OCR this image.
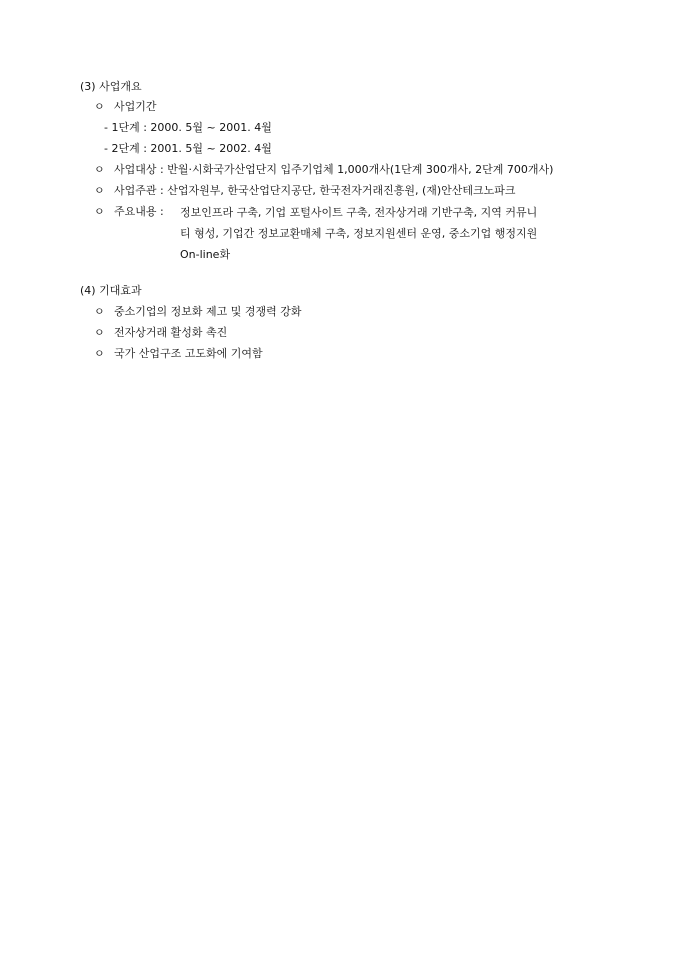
(3) 사업개요
ㅇ 사업기간
- 1단계 : 2000. 5월 ~ 2001. 4월
- 2단계 : 2001. 5월 ~ 2002. 4월
ㅇ 사업대상 : 반월·시화국가산업단지 입주기업체 1,000개사(1단계 300개사, 2단계 700개사)
ㅇ 사업주관 : 산업자원부, 한국산업단지공단, 한국전자거래진흥원, (재)안산테크노파크
ㅇ 주요내용 : 정보인프라 구축, 기업 포털사이트 구축, 전자상거래 기반구축, 지역 커뮤니
티 형성, 기업간 정보교환매체 구축, 정보지원센터 운영, 중소기업 행정지원
On-line화
(4) 기대효과
ㅇ 중소기업의 정보화 제고 및 경쟁력 강화
ㅇ 전자상거래 활성화 촉진
ㅇ 국가 산업구조 고도화에 기여함
